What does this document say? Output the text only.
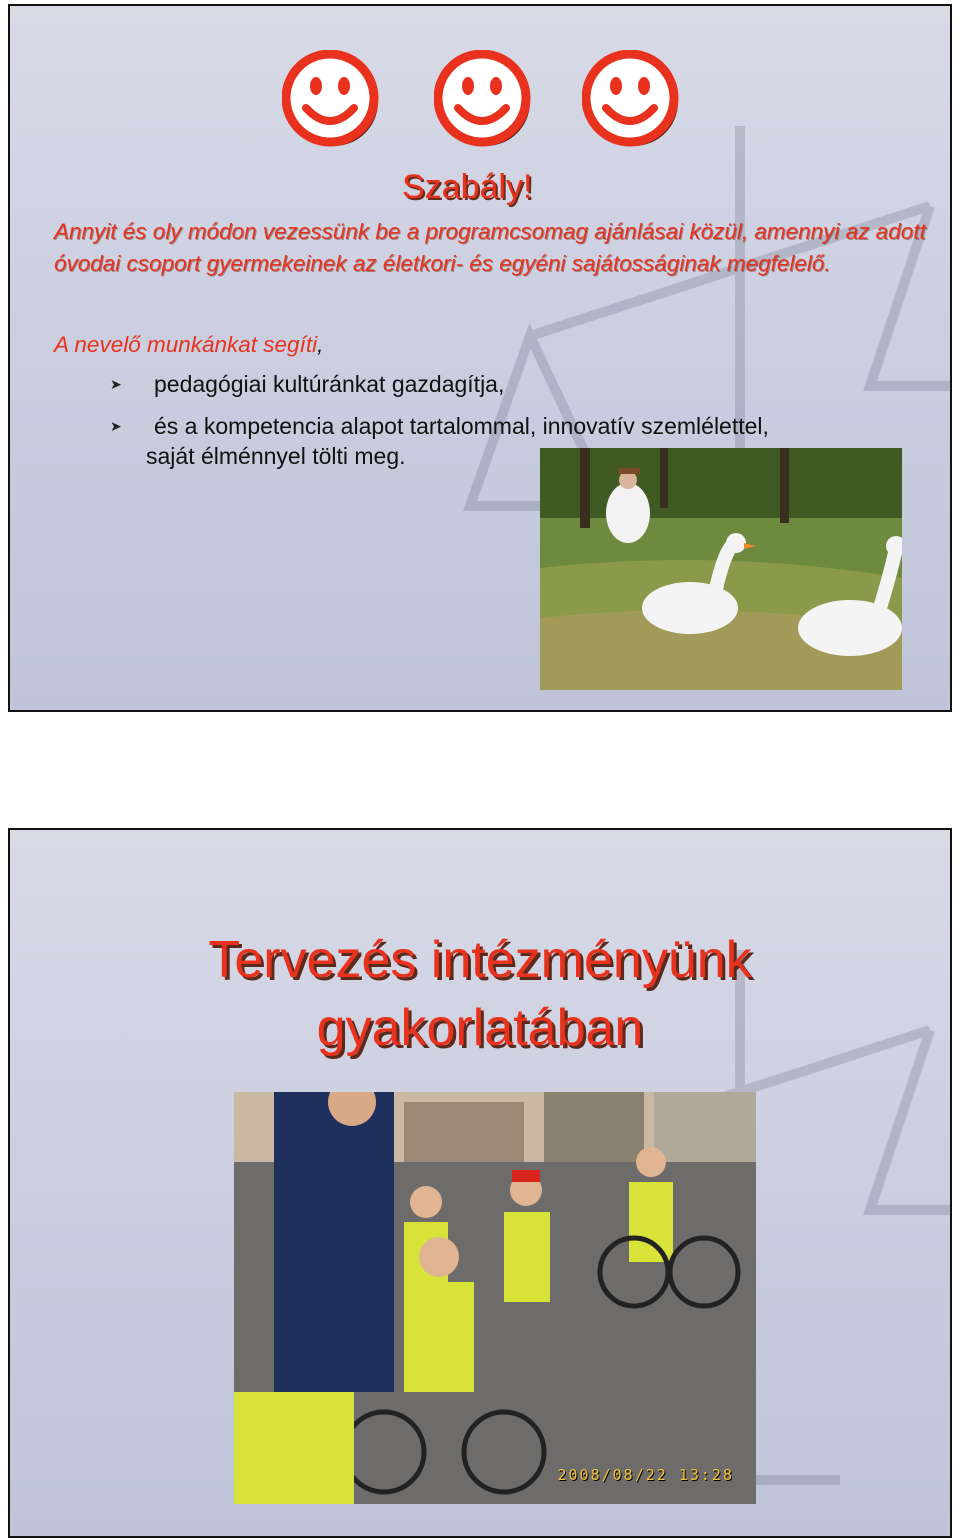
Szabály!

Annyit és oly módon vezessünk be a programcsomag ajánlásai közül, amennyi az adott óvodai csoport gyermekeinek az életkori- és egyéni sajátosságinak megfelelő.

A nevelő munkánkat segíti,

➤ pedagógiai kultúránkat gazdagítja,
➤ és a kompetencia alapot tartalommal, innovatív szemlélettel,
saját élménnyel tölti meg.
Tervezés intézményünk
gyakorlatában
2008/08/22 13:28
